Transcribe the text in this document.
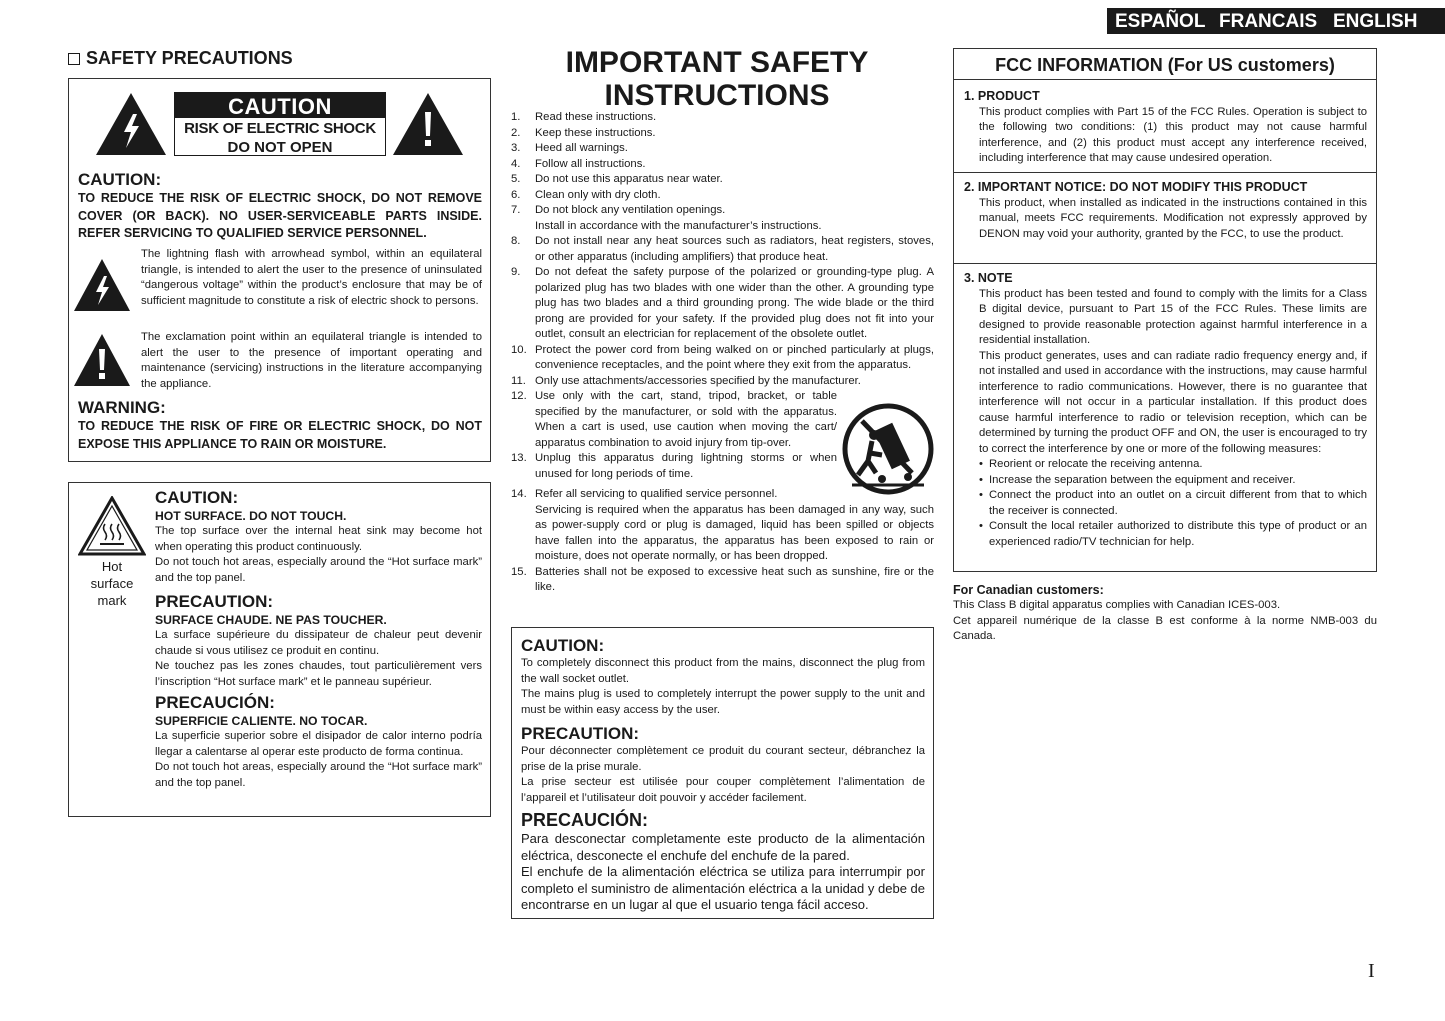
ESPAÑOL FRANCAIS ENGLISH
SAFETY PRECAUTIONS
CAUTION
RISK OF ELECTRIC SHOCK
DO NOT OPEN
CAUTION:
TO REDUCE THE RISK OF ELECTRIC SHOCK, DO NOT REMOVE COVER (OR BACK). NO USER-SERVICEABLE PARTS INSIDE. REFER SERVICING TO QUALIFIED SERVICE PERSONNEL.
The lightning flash with arrowhead symbol, within an equilateral triangle, is intended to alert the user to the presence of uninsulated “dangerous voltage” within the product’s enclosure that may be of sufficient magnitude to constitute a risk of electric shock to persons.
The exclamation point within an equilateral triangle is intended to alert the user to the presence of important operating and maintenance (servicing) instructions in the literature accompanying the appliance.
WARNING:
TO REDUCE THE RISK OF FIRE OR ELECTRIC SHOCK, DO NOT EXPOSE THIS APPLIANCE TO RAIN OR MOISTURE.
Hot
surface
mark
CAUTION:
HOT SURFACE. DO NOT TOUCH.
The top surface over the internal heat sink may become hot when operating this product continuously.
Do not touch hot areas, especially around the “Hot surface mark” and the top panel.
PRECAUTION:
SURFACE CHAUDE. NE PAS TOUCHER.
La surface supérieure du dissipateur de chaleur peut devenir chaude si vous utilisez ce produit en continu.
Ne touchez pas les zones chaudes, tout particulièrement vers l’inscription “Hot surface mark” et le panneau supérieur.
PRECAUCIÓN:
SUPERFICIE CALIENTE. NO TOCAR.
La superficie superior sobre el disipador de calor interno podría llegar a calentarse al operar este producto de forma continua.
Do not touch hot areas, especially around the “Hot surface mark” and the top panel.
IMPORTANT SAFETY
INSTRUCTIONS
1. Read these instructions.
2. Keep these instructions.
3. Heed all warnings.
4. Follow all instructions.
5. Do not use this apparatus near water.
6. Clean only with dry cloth.
7. Do not block any ventilation openings.
Install in accordance with the manufacturer’s instructions.
8. Do not install near any heat sources such as radiators, heat registers, stoves, or other apparatus (including amplifiers) that produce heat.
9. Do not defeat the safety purpose of the polarized or grounding-type plug. A polarized plug has two blades with one wider than the other. A grounding type plug has two blades and a third grounding prong. The wide blade or the third prong are provided for your safety. If the provided plug does not fit into your outlet, consult an electrician for replacement of the obsolete outlet.
10. Protect the power cord from being walked on or pinched particularly at plugs, convenience receptacles, and the point where they exit from the apparatus.
11. Only use attachments/accessories specified by the manufacturer.
12. Use only with the cart, stand, tripod, bracket, or table specified by the manufacturer, or sold with the apparatus. When a cart is used, use caution when moving the cart/ apparatus combination to avoid injury from tip-over.
13. Unplug this apparatus during lightning storms or when unused for long periods of time.
14. Refer all servicing to qualified service personnel.
Servicing is required when the apparatus has been damaged in any way, such as power-supply cord or plug is damaged, liquid has been spilled or objects have fallen into the apparatus, the apparatus has been exposed to rain or moisture, does not operate normally, or has been dropped.
15. Batteries shall not be exposed to excessive heat such as sunshine, fire or the like.
CAUTION:
To completely disconnect this product from the mains, disconnect the plug from the wall socket outlet.
The mains plug is used to completely interrupt the power supply to the unit and must be within easy access by the user.
PRECAUTION:
Pour déconnecter complètement ce produit du courant secteur, débranchez la prise de la prise murale.
La prise secteur est utilisée pour couper complètement l’alimentation de l’appareil et l’utilisateur doit pouvoir y accéder facilement.
PRECAUCIÓN:
Para desconectar completamente este producto de la alimentación eléctrica, desconecte el enchufe del enchufe de la pared.
El enchufe de la alimentación eléctrica se utiliza para interrumpir por completo el suministro de alimentación eléctrica a la unidad y debe de encontrarse en un lugar al que el usuario tenga fácil acceso.
FCC INFORMATION (For US customers)
1. PRODUCT
This product complies with Part 15 of the FCC Rules. Operation is subject to the following two conditions: (1) this product may not cause harmful interference, and (2) this product must accept any interference received, including interference that may cause undesired operation.
2. IMPORTANT NOTICE: DO NOT MODIFY THIS PRODUCT
This product, when installed as indicated in the instructions contained in this manual, meets FCC requirements. Modification not expressly approved by DENON may void your authority, granted by the FCC, to use the product.
3. NOTE

This product has been tested and found to comply with the limits for a Class B digital device, pursuant to Part 15 of the FCC Rules. These limits are designed to provide reasonable protection against harmful interference in a residential installation.

This product generates, uses and can radiate radio frequency energy and, if not installed and used in accordance with the instructions, may cause harmful interference to radio communications. However, there is no guarantee that interference will not occur in a particular installation. If this product does cause harmful interference to radio or television reception, which can be determined by turning the product OFF and ON, the user is encouraged to try to correct the interference by one or more of the following measures:

• Reorient or relocate the receiving antenna.
• Increase the separation between the equipment and receiver.
• Connect the product into an outlet on a circuit different from that to which the receiver is connected.
• Consult the local retailer authorized to distribute this type of product or an experienced radio/TV technician for help.
For Canadian customers:

This Class B digital apparatus complies with Canadian ICES-003.

Cet appareil numérique de la classe B est conforme à la norme NMB-003 du Canada.

I
